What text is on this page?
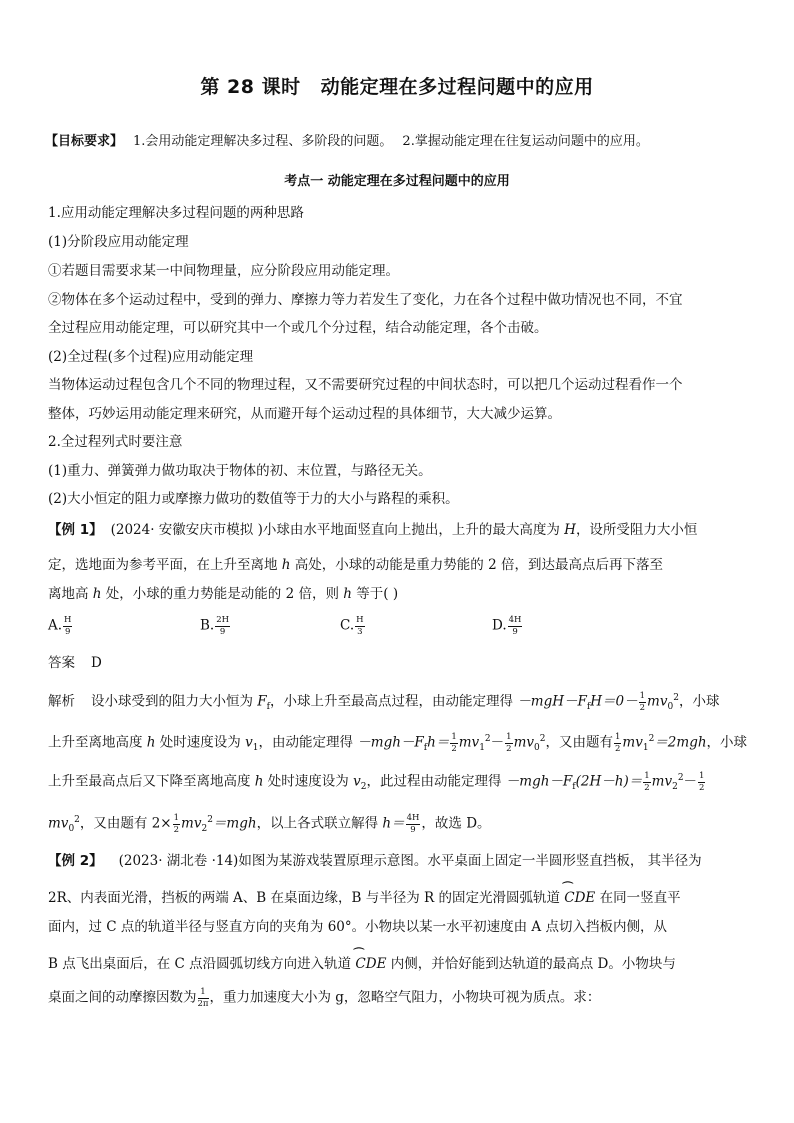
第 28 课时 动能定理在多过程问题中的应用
【目标要求】 1.会用动能定理解决多过程、多阶段的问题。 2.掌握动能定理在往复运动问题中的应用。
考点一 动能定理在多过程问题中的应用
1.应用动能定理解决多过程问题的两种思路
(1)分阶段应用动能定理
①若题目需要求某一中间物理量，应分阶段应用动能定理。
②物体在多个运动过程中，受到的弹力、摩擦力等力若发生了变化，力在各个过程中做功情况也不同，不宜
全过程应用动能定理，可以研究其中一个或几个分过程，结合动能定理，各个击破。
(2)全过程(多个过程)应用动能定理
当物体运动过程包含几个不同的物理过程，又不需要研究过程的中间状态时，可以把几个运动过程看作一个
整体，巧妙运用动能定理来研究，从而避开每个运动过程的具体细节，大大减少运算。
2.全过程列式时要注意
(1)重力、弹簧弹力做功取决于物体的初、末位置，与路径无关。
(2)大小恒定的阻力或摩擦力做功的数值等于力的大小与路程的乘积。
【例 1】 (2024· 安徽安庆市模拟 )小球由水平地面竖直向上抛出，上升的最大高度为 H，设所受阻力大小恒
定，选地面为参考平面，在上升至离地 h 高处，小球的动能是重力势能的 2 倍，到达最高点后再下落至
离地高 h 处，小球的重力势能是动能的 2 倍，则 h 等于( )
A. $\frac{H}{9}$	B. $\frac{2H}{9}$	C. $\frac{H}{3}$	D. $\frac{4H}{9}$
答案 D
解析 设小球受到的阻力大小恒为 $F_f$，小球上升至最高点过程，由动能定理得 $-mgH-F_fH=0- \frac{1}{2} mv_0^2$，小球
上升至离地高度 h 处时速度设为 $v_1$，由动能定理得 $-mgh-F_fh= \frac{1}{2} mv_1^2- \frac{1}{2} mv_0^2$，又由题有 $\frac{1}{2} mv_1^2=2mgh$，小球
上升至最高点后又下降至离地高度 h 处时速度设为 $v_2$，此过程由动能定理得 $-mgh-F_f(2H-h)= \frac{1}{2} mv_2^2- \frac{1}{2}$
$mv_0^2$，又由题有 $2\times \frac{1}{2} mv_2^2=mgh$，以上各式联立解得 $h= \frac{4H}{9}$ ，故选 D。
【例 2】 (2023· 湖北卷 ·14)如图为某游戏装置原理示意图。水平桌面上固定一半圆形竖直挡板， 其半径为
2R、内表面光滑，挡板的两端 A、B 在桌面边缘，B 与半径为 R 的固定光滑圆弧轨道
⌒
CDE 在同一竖直平
面内，过 C 点的轨道半径与竖直方向的夹角为 60°。小物块以某一水平初速度由 A 点切入挡板内侧，从
B 点飞出桌面后，在 C 点沿圆弧切线方向进入轨道
⌒
CDE 内侧，并恰好能到达轨道的最高点 D。小物块与
桌面之间的动摩擦因数为 $\frac{1}{2\pi}$ ，重力加速度大小为 g，忽略空气阻力，小物块可视为质点。求：
